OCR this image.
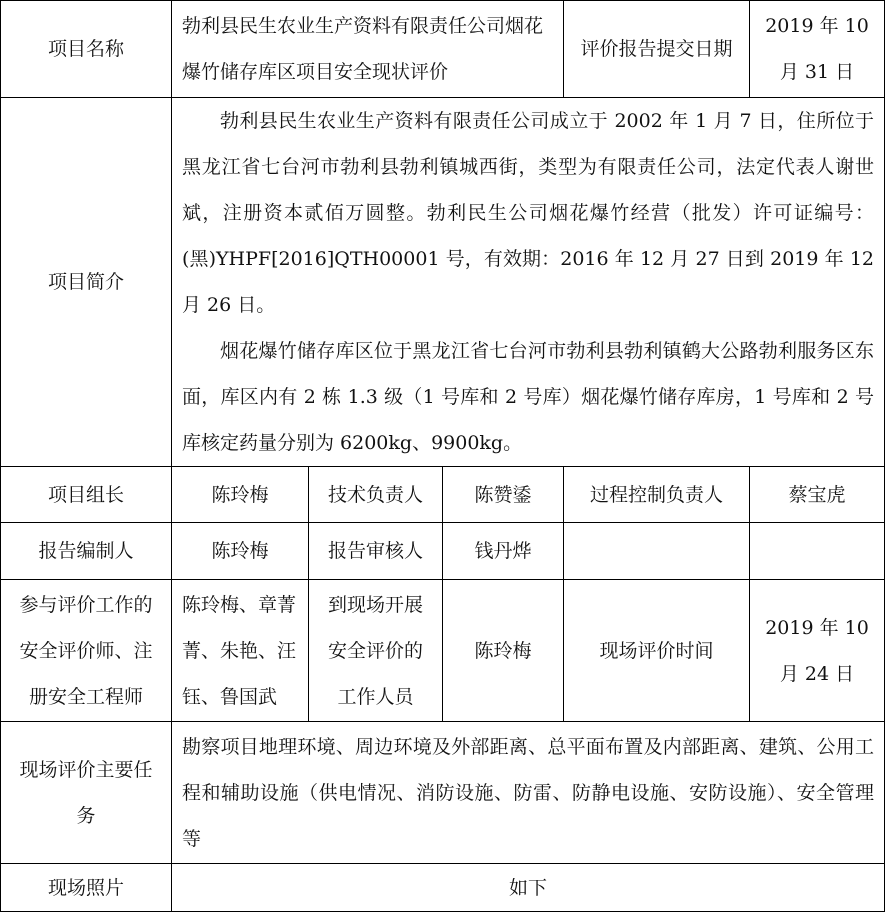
项目名称	勃利县民生农业生产资料有限责任公司烟花爆竹储存库区项目安全现状评价			评价报告提交日期	2019 年 10 月 31 日
项目简介	勃利县民生农业生产资料有限责任公司成立于 2002 年 1 月 7 日，住所位于黑龙江省七台河市勃利县勃利镇城西街，类型为有限责任公司，法定代表人谢世斌，注册资本贰佰万圆整。勃利民生公司烟花爆竹经营（批发）许可证编号：(黑)YHPF[2016]QTH00001 号，有效期：2016 年 12 月 27 日到 2019 年 12 月 26 日。

烟花爆竹储存库区位于黑龙江省七台河市勃利县勃利镇鹤大公路勃利服务区东面，库区内有 2 栋 1.3 级（1 号库和 2 号库）烟花爆竹储存库房，1 号库和 2 号库核定药量分别为 6200kg、9900kg。				

项目组长	陈玲梅	技术负责人	陈赞鋈	过程控制负责人	蔡宝虎
报告编制人	陈玲梅	报告审核人	钱丹烨		
参与评价工作的安全评价师、注册安全工程师	陈玲梅、章菁菁、朱艳、汪钰、鲁国武	到现场开展安全评价的工作人员	陈玲梅	现场评价时间	2019 年 10 月 24 日
现场评价主要任务	勘察项目地理环境、周边环境及外部距离、总平面布置及内部距离、建筑、公用工程和辅助设施（供电情况、消防设施、防雷、防静电设施、安防设施）、安全管理等				
现场照片	如下				
